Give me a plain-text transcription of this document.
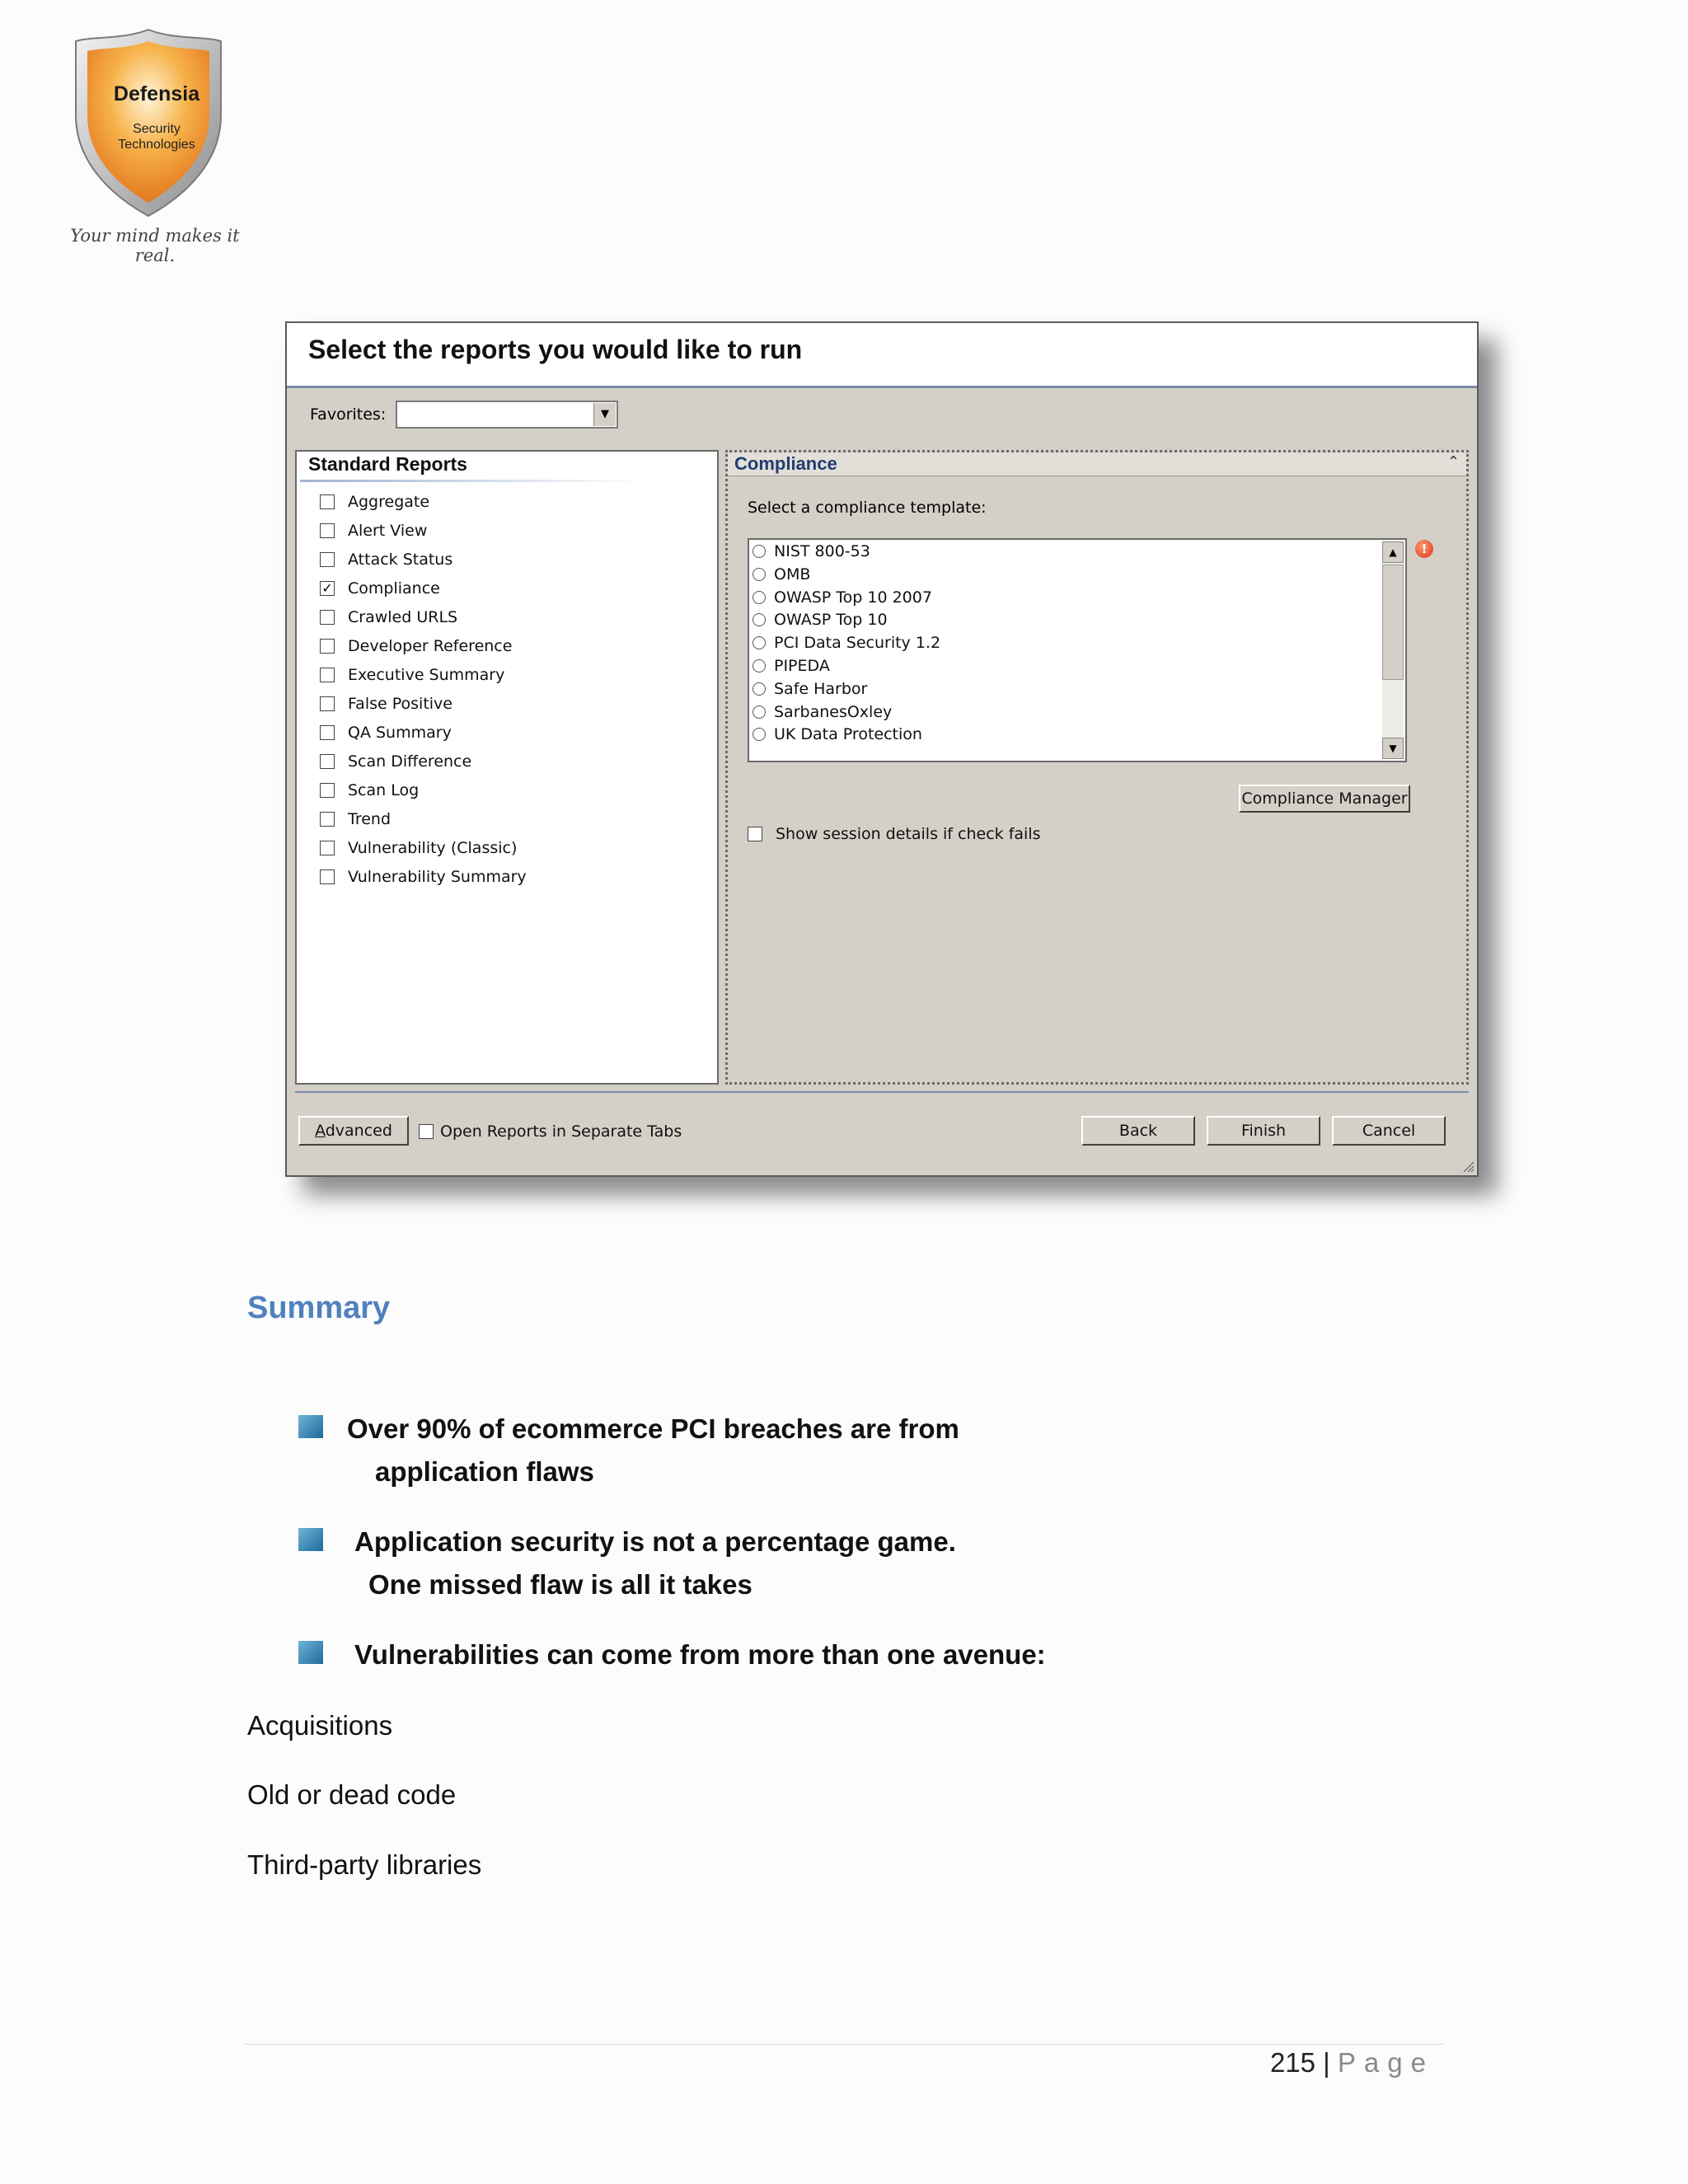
Defensia
Security
Technologies
Your mind makes it real.
Select the reports you would like to run
Favorites:	▼
Standard Reports
Aggregate
Alert View
Attack Status
✓ Compliance
Crawled URLS
Developer Reference
Executive Summary
False Positive
QA Summary
Scan Difference
Scan Log
Trend
Vulnerability (Classic)
Vulnerability Summary
Compliance	⌃
Select a compliance template:
NIST 800-53
OMB
OWASP Top 10 2007
OWASP Top 10
PCI Data Security 1.2
PIPEDA
Safe Harbor
SarbanesOxley
UK Data Protection
▲
▼
!
Compliance Manager
Show session details if check fails
Advanced	Open Reports in Separate Tabs	Back	Finish	Cancel
Summary
Over 90% of ecommerce PCI breaches are from
application flaws
Application security is not a percentage game.
One missed flaw is all it takes
Vulnerabilities can come from more than one avenue:
Acquisitions
Old or dead code
Third-party libraries
215 | Page
